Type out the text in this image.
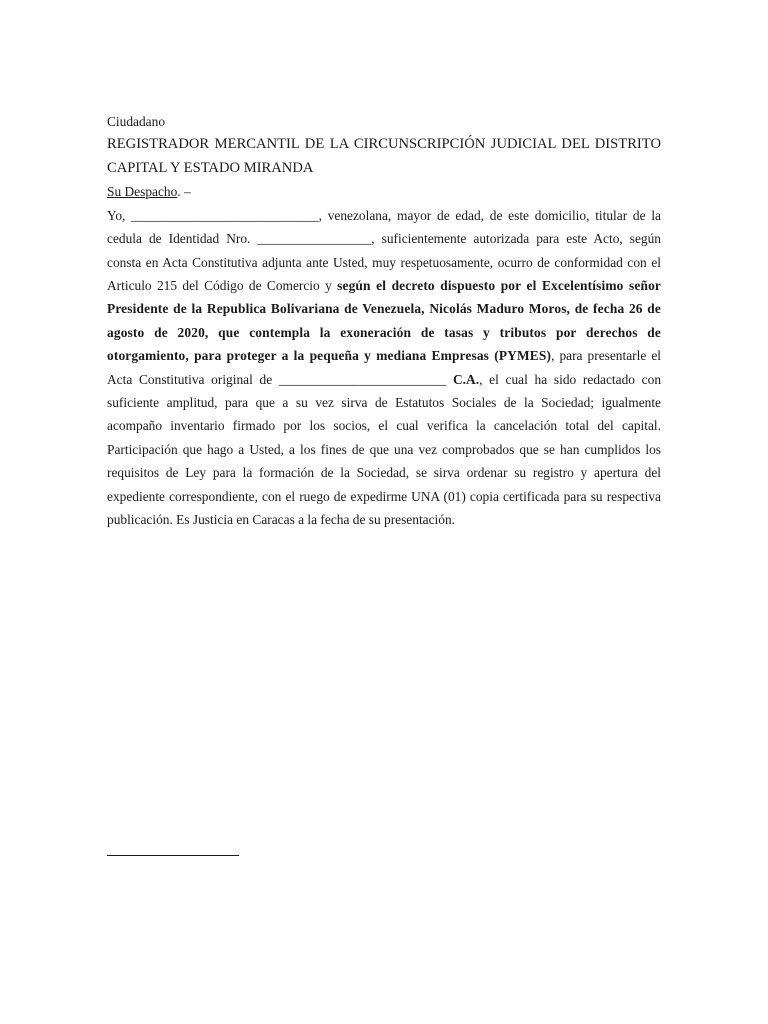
Ciudadano

REGISTRADOR MERCANTIL DE LA CIRCUNSCRIPCIÓN JUDICIAL DEL DISTRITO CAPITAL Y ESTADO MIRANDA

Su Despacho. –

Yo, ____________________________, venezolana, mayor de edad, de este domicilio, titular de la cedula de Identidad Nro. _________________, suficientemente autorizada para este Acto, según consta en Acta Constitutiva adjunta ante Usted, muy respetuosamente, ocurro de conformidad con el Articulo 215 del Código de Comercio y según el decreto dispuesto por el Excelentísimo señor Presidente de la Republica Bolivariana de Venezuela, Nicolás Maduro Moros, de fecha 26 de agosto de 2020, que contempla la exoneración de tasas y tributos por derechos de otorgamiento, para proteger a la pequeña y mediana Empresas (PYMES), para presentarle el Acta Constitutiva original de _________________________ C.A., el cual ha sido redactado con suficiente amplitud, para que a su vez sirva de Estatutos Sociales de la Sociedad; igualmente acompaño inventario firmado por los socios, el cual verifica la cancelación total del capital. Participación que hago a Usted, a los fines de que una vez comprobados que se han cumplidos los requisitos de Ley para la formación de la Sociedad, se sirva ordenar su registro y apertura del expediente correspondiente, con el ruego de expedirme UNA (01) copia certificada para su respectiva publicación. Es Justicia en Caracas a la fecha de su presentación.
